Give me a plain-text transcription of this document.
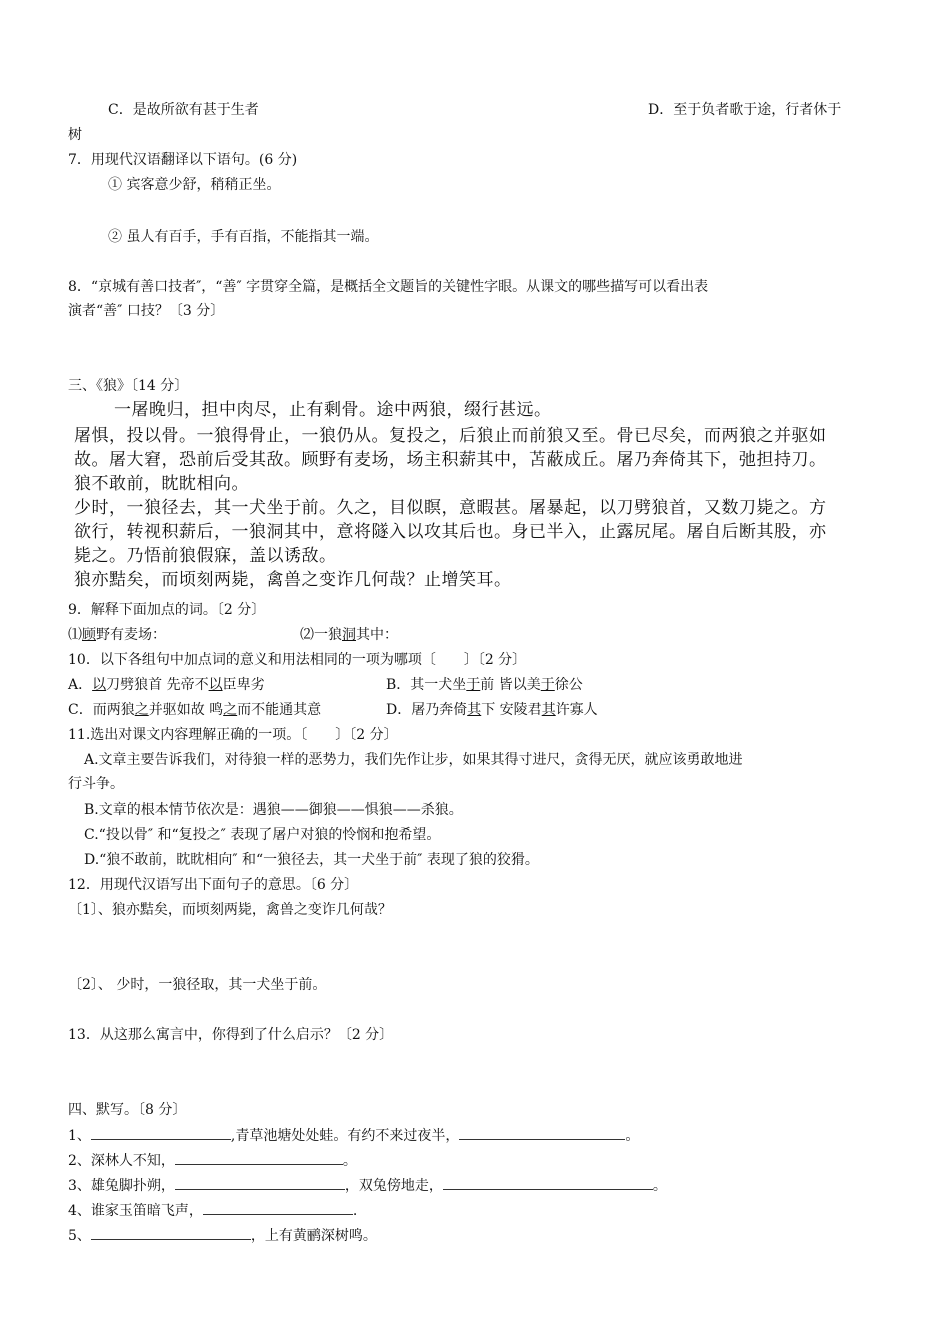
C．是故所欲有甚于生者	D．至于负者歌于途，行者休于
树
7．用现代汉语翻译以下语句。(6 分)
① 宾客意少舒，稍稍正坐。
② 虽人有百手，手有百指，不能指其一端。
8．“京城有善口技者″，“善″ 字贯穿全篇，是概括全文题旨的关键性字眼。从课文的哪些描写可以看出表
演者“善″ 口技？〔3 分〕
三、《狼》〔14 分〕
一屠晚归，担中肉尽，止有剩骨。途中两狼，缀行甚远。
屠惧，投以骨。一狼得骨止，一狼仍从。复投之，后狼止而前狼又至。骨已尽矣，而两狼之并驱如
故。屠大窘，恐前后受其敌。顾野有麦场，场主积薪其中，苫蔽成丘。屠乃奔倚其下，弛担持刀。
狼不敢前，眈眈相向。
少时，一狼径去，其一犬坐于前。久之，目似瞑，意暇甚。屠暴起，以刀劈狼首，又数刀毙之。方
欲行，转视积薪后，一狼洞其中，意将隧入以攻其后也。身已半入，止露尻尾。屠自后断其股，亦
毙之。乃悟前狼假寐，盖以诱敌。
狼亦黠矣，而顷刻两毙，禽兽之变诈几何哉？止增笑耳。
9．解释下面加点的词。〔2 分〕
⑴顾野有麦场：	⑵一狼洞其中：
10．以下各组句中加点词的意义和用法相同的一项为哪项〔　　〕〔2 分〕
A．以刀劈狼首 先帝不以臣卑劣	B．其一犬坐于前 皆以美于徐公
C．而两狼之并驱如故 鸣之而不能通其意	D．屠乃奔倚其下 安陵君其许寡人
11.选出对课文内容理解正确的一项。〔　　〕〔2 分〕
A.文章主要告诉我们，对待狼一样的恶势力，我们先作让步，如果其得寸进尺，贪得无厌，就应该勇敢地进
行斗争。
B.文章的根本情节依次是：遇狼——御狼——惧狼——杀狼。
C.“投以骨″ 和“复投之″ 表现了屠户对狼的怜悯和抱希望。
D.“狼不敢前，眈眈相向″ 和“一狼径去，其一犬坐于前″ 表现了狼的狡猾。
12．用现代汉语写出下面句子的意思。〔6 分〕
〔1〕、狼亦黠矣，而顷刻两毙，禽兽之变诈几何哉？
〔2〕、 少时，一狼径取，其一犬坐于前。
13．从这那么寓言中，你得到了什么启示？〔2 分〕
四、默写。〔8 分〕
1、	,青草池塘处处蛙。有约不来过夜半，	。
2、深林人不知，	。
3、雄兔脚扑朔，	，双兔傍地走，	。
4、谁家玉笛暗飞声，	.
5、	，上有黄鹂深树鸣。
